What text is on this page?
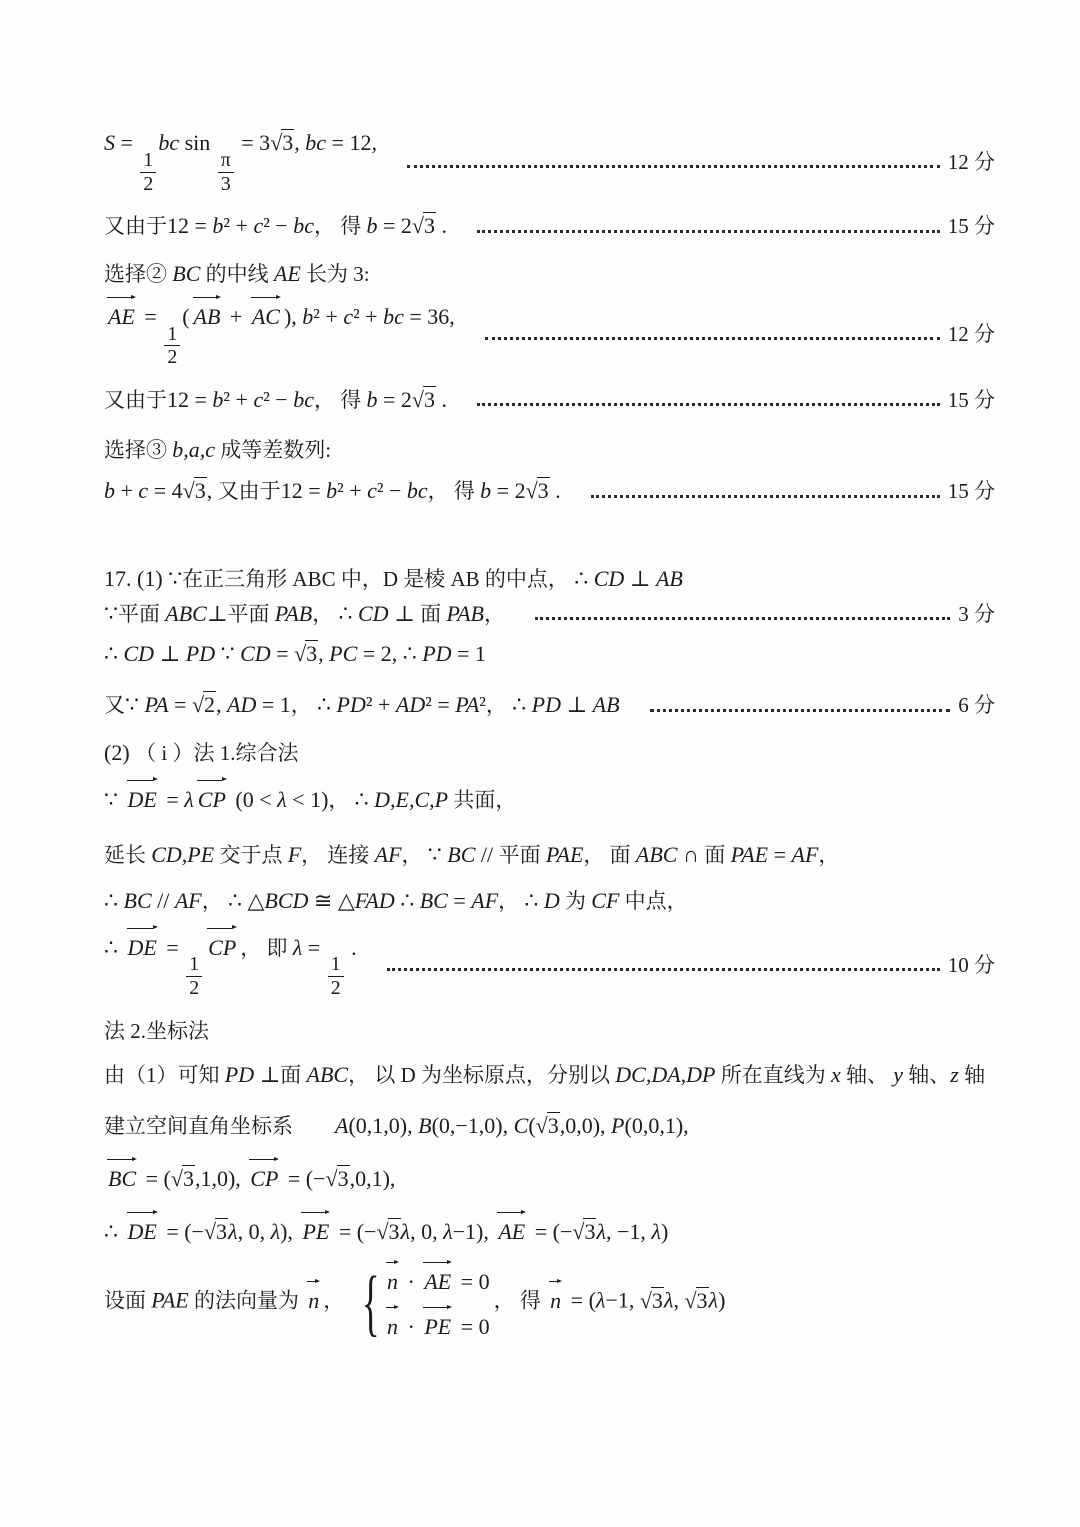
S =
$\frac{1}{2}$
bc sin
$\frac{\pi}{3}$
= 3√3, bc = 12,
12 分
又由于12 = b² + c² − bc， 得 b = 2√3 .	15 分
选择② BC 的中线 AE 长为 3:
AE =
$\frac{1}{2}$
( AB +
AC ), b² + c² + bc = 36,
12 分
又由于12 = b² + c² − bc， 得 b = 2√3 .	15 分
选择③ b,a,c 成等差数列:
b + c = 4√3, 又由于12 = b² + c² − bc， 得 b = 2√3 .	15 分
17. (1) ∵在正三角形 ABC 中，D 是棱 AB 的中点， ∴ CD ⊥ AB
∵平面 ABC⊥平面 PAB， ∴ CD ⊥ 面 PAB，	3 分
∴ CD ⊥ PD ∵ CD = √3, PC = 2, ∴ PD = 1
又∵ PA = √2, AD = 1， ∴ PD² + AD² = PA²， ∴ PD ⊥ AB	6 分
(2) （ i ）法 1.综合法
∵
DE = λ CP (0 < λ < 1)， ∴ D,E,C,P 共面，
延长 CD,PE 交于点 F， 连接 AF， ∵ BC // 平面 PAE， 面 ABC ∩ 面 PAE = AF，
∴ BC // AF， ∴ △BCD ≅ △FAD ∴ BC = AF， ∴ D 为 CF 中点，
∴
DE =
$\frac{1}{2}$
CP ， 即 λ =
$\frac{1}{2}$
.
10 分
法 2.坐标法
由（1）可知 PD ⊥面 ABC， 以 D 为坐标原点，分别以 DC,DA,DP 所在直线为 x 轴、 y 轴、z 轴
建立空间直角坐标系　　A(0,1,0), B(0,−1,0), C(√3,0,0), P(0,0,1),
BC = (√3,1,0),
CP = (−√3,0,1),
∴
DE = (−√3λ, 0, λ),
PE = (−√3λ, 0, λ−1),
AE = (−√3λ, −1, λ)
设面 PAE 的法向量为
n ， { n ·
AE = 0
n ·
PE = 0
， 得
n = (λ−1, √3λ, √3λ)
